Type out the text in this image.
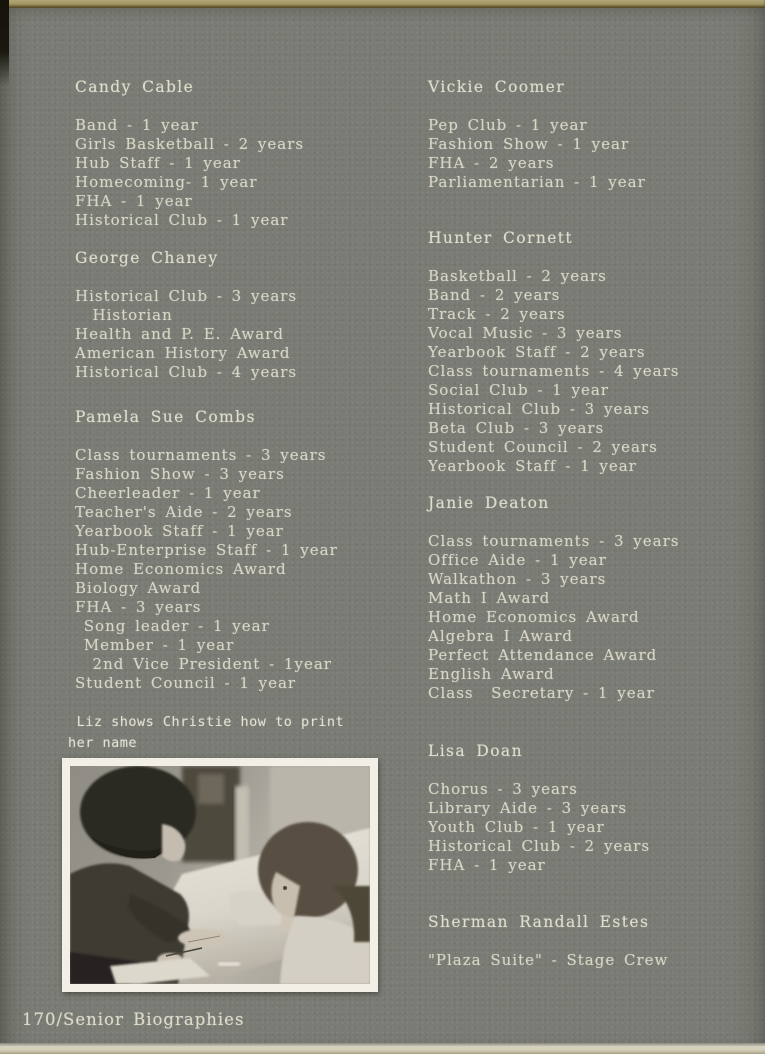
Candy Cable
Band - 1 year
Girls Basketball - 2 years
Hub Staff - 1 year
Homecoming- 1 year
FHA - 1 year
Historical Club - 1 year
George Chaney
Historical Club - 3 years
Historian
Health and P. E. Award
American History Award
Historical Club - 4 years
Pamela Sue Combs
Class tournaments - 3 years
Fashion Show - 3 years
Cheerleader - 1 year
Teacher's Aide - 2 years
Yearbook Staff - 1 year
Hub-Enterprise Staff - 1 year
Home Economics Award
Biology Award
FHA - 3 years
Song leader - 1 year
Member - 1 year
2nd Vice President - 1year
Student Council - 1 year
Vickie Coomer
Pep Club - 1 year
Fashion Show - 1 year
FHA - 2 years
Parliamentarian - 1 year
Hunter Cornett
Basketball - 2 years
Band - 2 years
Track - 2 years
Vocal Music - 3 years
Yearbook Staff - 2 years
Class tournaments - 4 years
Social Club - 1 year
Historical Club - 3 years
Beta Club - 3 years
Student Council - 2 years
Yearbook Staff - 1 year
Janie Deaton
Class tournaments - 3 years
Office Aide - 1 year
Walkathon - 3 years
Math I Award
Home Economics Award
Algebra I Award
Perfect Attendance Award
English Award
Class  Secretary - 1 year
Lisa Doan
Chorus - 3 years
Library Aide - 3 years
Youth Club - 1 year
Historical Club - 2 years
FHA - 1 year
Sherman Randall Estes
"Plaza Suite" - Stage Crew
Liz shows Christie how to print
her name
170/Senior Biographies
